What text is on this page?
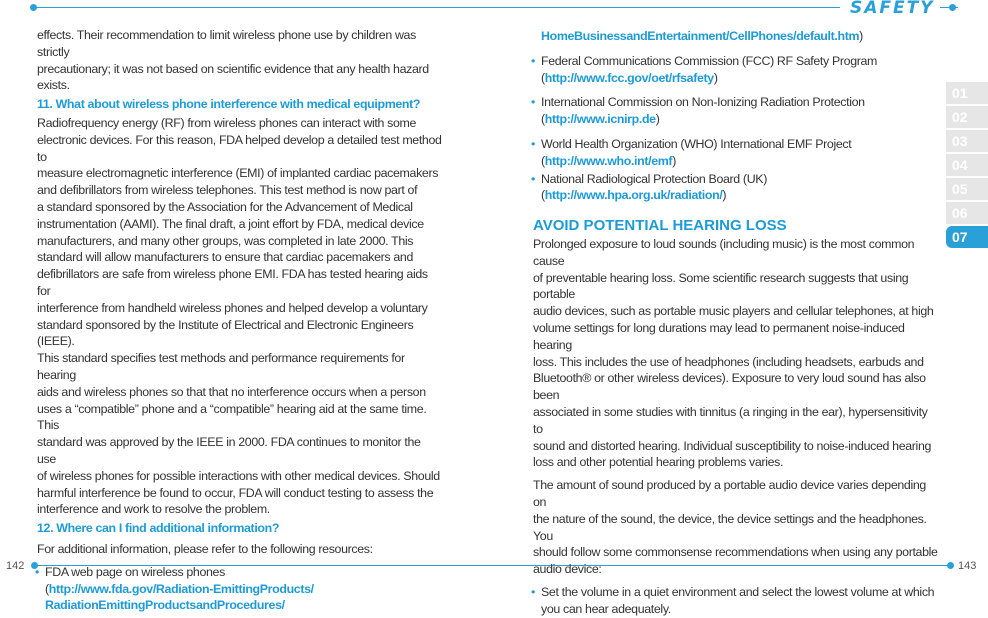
SAFETY
142	143
01
02
03
04
05
06
07

effects. Their recommendation to limit wireless phone use by children was strictly

precautionary; it was not based on scientific evidence that any health hazard

exists.

11. What about wireless phone interference with medical equipment?

Radiofrequency energy (RF) from wireless phones can interact with some

electronic devices. For this reason, FDA helped develop a detailed test method to

measure electromagnetic interference (EMI) of implanted cardiac pacemakers

and defibrillators from wireless telephones. This test method is now part of

a standard sponsored by the Association for the Advancement of Medical

instrumentation (AAMI). The final draft, a joint effort by FDA, medical device

manufacturers, and many other groups, was completed in late 2000. This

standard will allow manufacturers to ensure that cardiac pacemakers and

defibrillators are safe from wireless phone EMI. FDA has tested hearing aids for

interference from handheld wireless phones and helped develop a voluntary

standard sponsored by the Institute of Electrical and Electronic Engineers (IEEE).

This standard specifies test methods and performance requirements for hearing

aids and wireless phones so that that no interference occurs when a person

uses a “compatible” phone and a “compatible” hearing aid at the same time. This

standard was approved by the IEEE in 2000. FDA continues to monitor the use

of wireless phones for possible interactions with other medical devices. Should

harmful interference be found to occur, FDA will conduct testing to assess the

interference and work to resolve the problem.

12. Where can I find additional information?

For additional information, please refer to the following resources:

• FDA web page on wireless phones

(http://www.fda.gov/Radiation-EmittingProducts/

RadiationEmittingProductsandProcedures/

HomeBusinessandEntertainment/CellPhones/default.htm)

• Federal Communications Commission (FCC) RF Safety Program

(http://www.fcc.gov/oet/rfsafety)

• International Commission on Non-Ionizing Radiation Protection

(http://www.icnirp.de)

• World Health Organization (WHO) International EMF Project

(http://www.who.int/emf)

• National Radiological Protection Board (UK)

(http://www.hpa.org.uk/radiation/)

AVOID POTENTIAL HEARING LOSS

Prolonged exposure to loud sounds (including music) is the most common cause

of preventable hearing loss. Some scientific research suggests that using portable

audio devices, such as portable music players and cellular telephones, at high

volume settings for long durations may lead to permanent noise-induced hearing

loss. This includes the use of headphones (including headsets, earbuds and

Bluetooth® or other wireless devices). Exposure to very loud sound has also been

associated in some studies with tinnitus (a ringing in the ear), hypersensitivity to

sound and distorted hearing. Individual susceptibility to noise-induced hearing

loss and other potential hearing problems varies.

The amount of sound produced by a portable audio device varies depending on

the nature of the sound, the device, the device settings and the headphones. You

should follow some commonsense recommendations when using any portable

audio device:

• Set the volume in a quiet environment and select the lowest volume at which

you can hear adequately.
